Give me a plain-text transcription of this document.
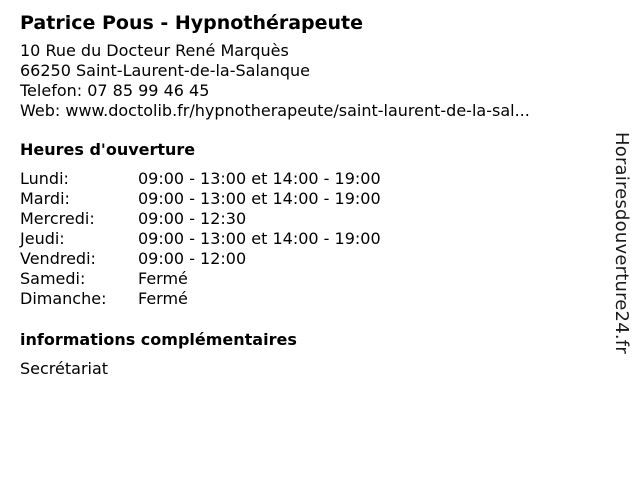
Patrice Pous - Hypnothérapeute
10 Rue du Docteur René Marquès
66250 Saint-Laurent-de-la-Salanque
Telefon: 07 85 99 46 45
Web: www.doctolib.fr/hypnotherapeute/saint-laurent-de-la-sal...
Heures d'ouverture
Lundi:	09:00 - 13:00 et 14:00 - 19:00
Mardi:	09:00 - 13:00 et 14:00 - 19:00
Mercredi:	09:00 - 12:30
Jeudi:	09:00 - 13:00 et 14:00 - 19:00
Vendredi:	09:00 - 12:00
Samedi:	Fermé
Dimanche: Fermé
informations complémentaires
Secrétariat
Horairesdouverture24.fr
